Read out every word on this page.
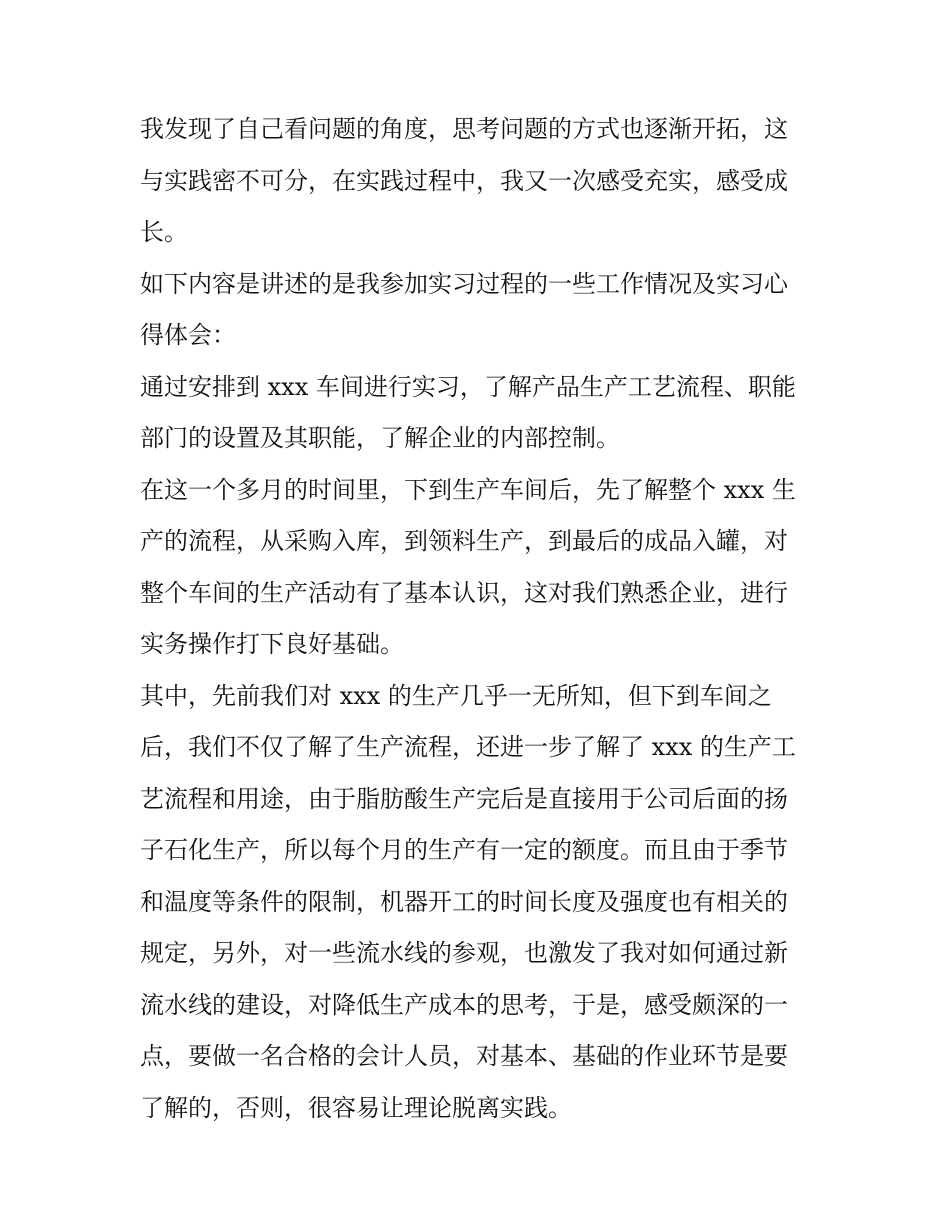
我发现了自己看问题的角度，思考问题的方式也逐渐开拓，这
与实践密不可分，在实践过程中，我又一次感受充实，感受成
长。
如下内容是讲述的是我参加实习过程的一些工作情况及实习心
得体会：
通过安排到 xxx 车间进行实习，了解产品生产工艺流程、职能
部门的设置及其职能，了解企业的内部控制。
在这一个多月的时间里，下到生产车间后，先了解整个 xxx 生
产的流程，从采购入库，到领料生产，到最后的成品入罐，对
整个车间的生产活动有了基本认识，这对我们熟悉企业，进行
实务操作打下良好基础。
其中，先前我们对 xxx 的生产几乎一无所知，但下到车间之
后，我们不仅了解了生产流程，还进一步了解了 xxx 的生产工
艺流程和用途，由于脂肪酸生产完后是直接用于公司后面的扬
子石化生产，所以每个月的生产有一定的额度。而且由于季节
和温度等条件的限制，机器开工的时间长度及强度也有相关的
规定，另外，对一些流水线的参观，也激发了我对如何通过新
流水线的建设，对降低生产成本的思考，于是，感受颇深的一
点，要做一名合格的会计人员，对基本、基础的作业环节是要
了解的，否则，很容易让理论脱离实践。
